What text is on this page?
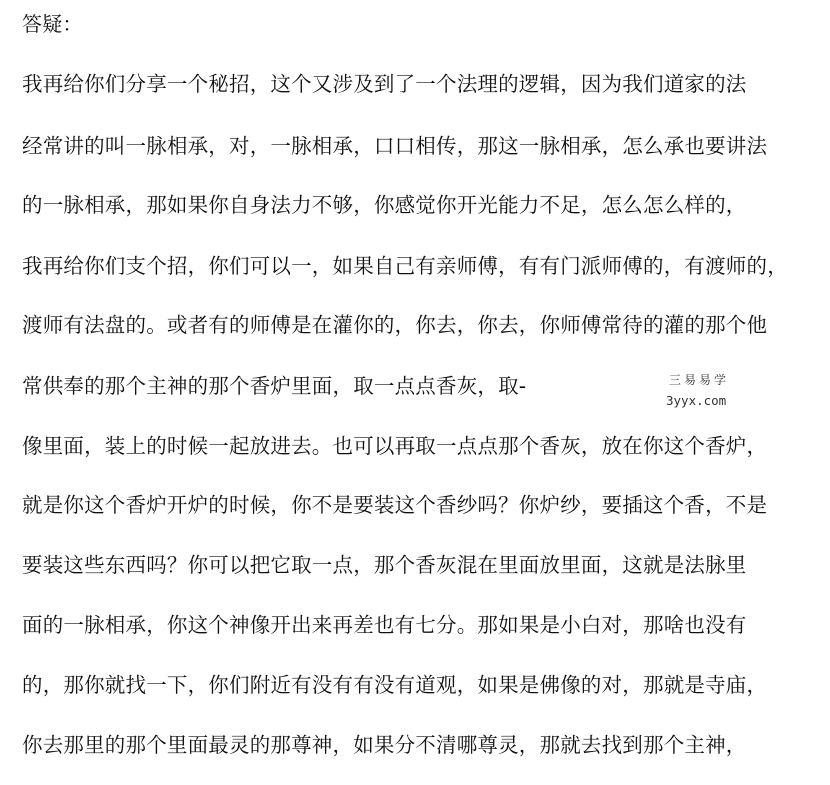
答疑：
我再给你们分享一个秘招，这个又涉及到了一个法理的逻辑，因为我们道家的法
经常讲的叫一脉相承，对，一脉相承，口口相传，那这一脉相承，怎么承也要讲法
的一脉相承，那如果你自身法力不够，你感觉你开光能力不足，怎么怎么样的，
我再给你们支个招，你们可以一，如果自己有亲师傅，有有门派师傅的，有渡师的，
渡师有法盘的。或者有的师傅是在灌你的，你去，你去，你师傅常待的灌的那个他
常供奉的那个主神的那个香炉里面，取一点点香灰，取-
像里面，装上的时候一起放进去。也可以再取一点点那个香灰，放在你这个香炉，
就是你这个香炉开炉的时候，你不是要装这个香纱吗？你炉纱，要插这个香，不是
要装这些东西吗？你可以把它取一点，那个香灰混在里面放里面，这就是法脉里
面的一脉相承，你这个神像开出来再差也有七分。那如果是小白对，那啥也没有
的，那你就找一下，你们附近有没有有没有道观，如果是佛像的对，那就是寺庙，
你去那里的那个里面最灵的那尊神，如果分不清哪尊灵，那就去找到那个主神，
三易易学
3yyx.com
